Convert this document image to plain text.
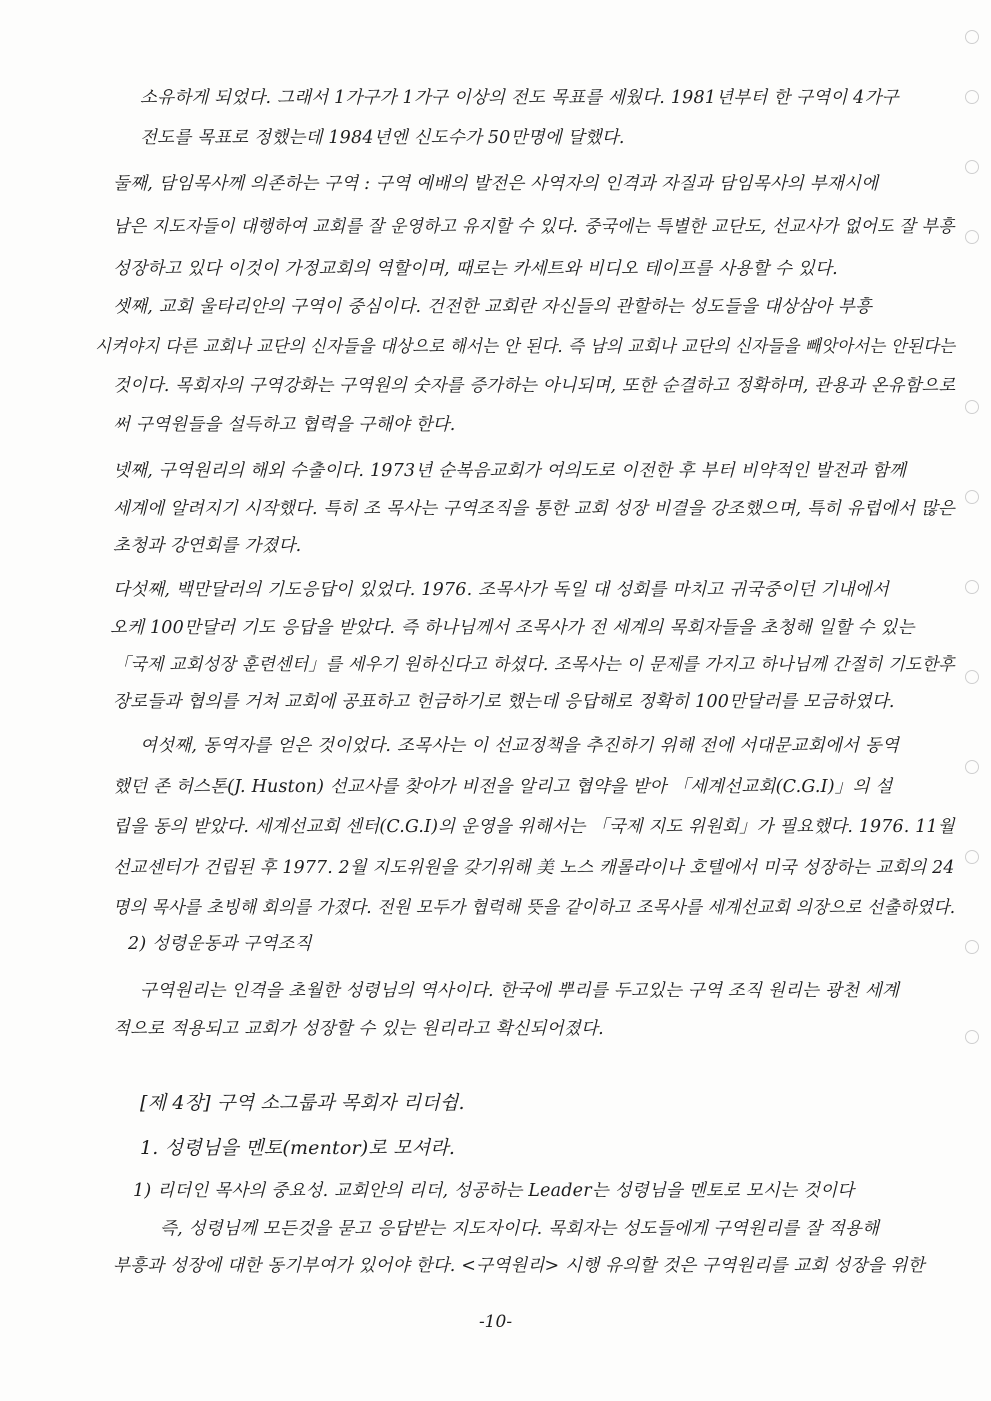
소유하게 되었다. 그래서 1가구가 1가구 이상의 전도 목표를 세웠다. 1981년부터 한 구역이 4가구
전도를 목표로 정했는데 1984년엔 신도수가 50만명에 달했다.
둘째, 담임목사께 의존하는 구역 : 구역 예배의 발전은 사역자의 인격과 자질과 담임목사의 부재시에
남은 지도자들이 대행하여 교회를 잘 운영하고 유지할 수 있다. 중국에는 특별한 교단도, 선교사가 없어도 잘 부흥
성장하고 있다 이것이 가정교회의 역할이며, 때로는 카세트와 비디오 테이프를 사용할 수 있다.
셋째, 교회 울타리안의 구역이 중심이다. 건전한 교회란 자신들의 관할하는 성도들을 대상삼아 부흥
시켜야지 다른 교회나 교단의 신자들을 대상으로 해서는 안 된다. 즉 남의 교회나 교단의 신자들을 빼앗아서는 안된다는
것이다. 목회자의 구역강화는 구역원의 숫자를 증가하는 아니되며, 또한 순결하고 정확하며, 관용과 온유함으로
써 구역원들을 설득하고 협력을 구해야 한다.
넷째, 구역원리의 해외 수출이다. 1973년 순복음교회가 여의도로 이전한 후 부터 비약적인 발전과 함께
세계에 알려지기 시작했다. 특히 조 목사는 구역조직을 통한 교회 성장 비결을 강조했으며, 특히 유럽에서 많은
초청과 강연회를 가졌다.
다섯째, 백만달러의 기도응답이 있었다. 1976. 조목사가 독일 대 성회를 마치고 귀국중이던 기내에서
오케 100만달러 기도 응답을 받았다. 즉 하나님께서 조목사가 전 세계의 목회자들을 초청해 일할 수 있는
「국제 교회성장 훈련센터」를 세우기 원하신다고 하셨다. 조목사는 이 문제를 가지고 하나님께 간절히 기도한후
장로들과 협의를 거쳐 교회에 공표하고 헌금하기로 했는데 응답해로 정확히 100만달러를 모금하였다.
여섯째, 동역자를 얻은 것이었다. 조목사는 이 선교정책을 추진하기 위해 전에 서대문교회에서 동역
했던 존 허스톤(J. Huston) 선교사를 찾아가 비전을 알리고 협약을 받아 「세계선교회(C.G.I)」의 설
립을 동의 받았다. 세계선교회 센터(C.G.I)의 운영을 위해서는 「국제 지도 위원회」가 필요했다. 1976. 11월
선교센터가 건립된 후 1977. 2월 지도위원을 갖기위해 美 노스 캐롤라이나 호텔에서 미국 성장하는 교회의 24
명의 목사를 초빙해 회의를 가졌다. 전원 모두가 협력해 뜻을 같이하고 조목사를 세계선교회 의장으로 선출하였다.
2) 성령운동과 구역조직
구역원리는 인격을 초월한 성령님의 역사이다. 한국에 뿌리를 두고있는 구역 조직 원리는 광천 세계
적으로 적용되고 교회가 성장할 수 있는 원리라고 확신되어졌다.
[제 4장] 구역 소그룹과 목회자 리더쉽.
1. 성령님을 멘토(mentor)로 모셔라.
1) 리더인 목사의 중요성. 교회안의 리더, 성공하는 Leader는 성령님을 멘토로 모시는 것이다
즉, 성령님께 모든것을 묻고 응답받는 지도자이다. 목회자는 성도들에게 구역원리를 잘 적용해
부흥과 성장에 대한 동기부여가 있어야 한다. <구역원리> 시행 유의할 것은 구역원리를 교회 성장을 위한
-10-
